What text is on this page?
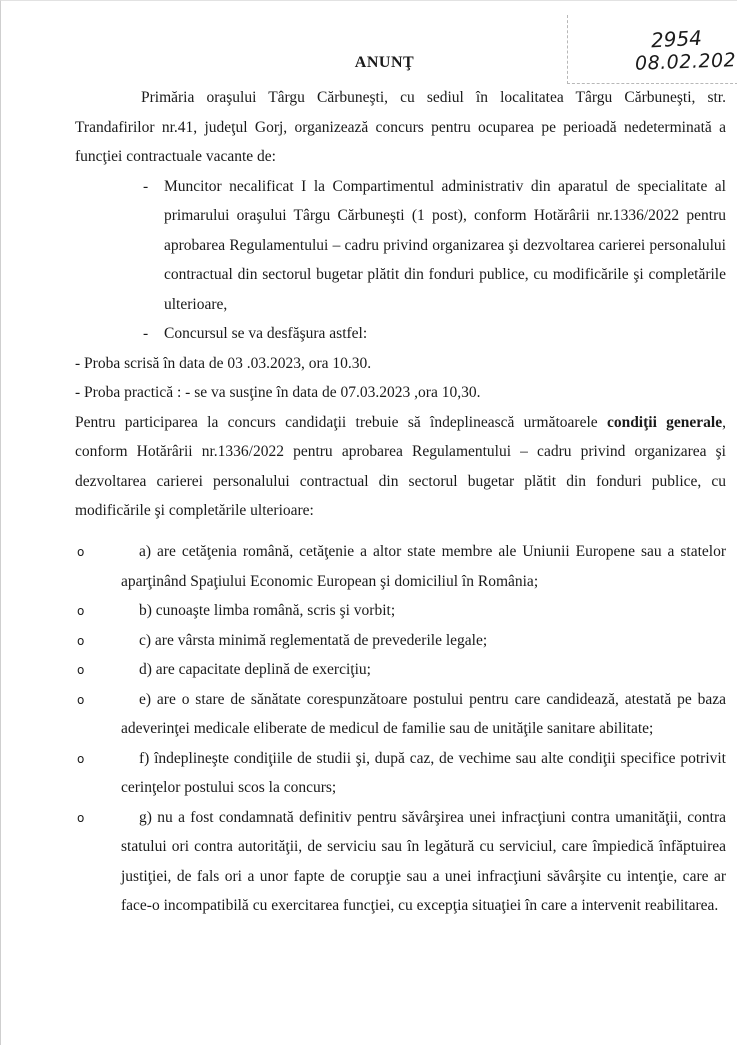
2954
08.02.202
ANUNŢ

Primăria oraşului Târgu Cărbuneşti, cu sediul în localitatea Târgu Cărbuneşti, str. Trandafirilor nr.41, judeţul Gorj, organizează concurs pentru ocuparea pe perioadă nedeterminată a funcţiei contractuale vacante de:

- Muncitor necalificat I la Compartimentul administrativ din aparatul de specialitate al primarului oraşului Târgu Cărbuneşti (1 post), conform Hotărârii nr.1336/2022 pentru aprobarea Regulamentului – cadru privind organizarea şi dezvoltarea carierei personalului contractual din sectorul bugetar plătit din fonduri publice, cu modificările şi completările ulterioare,

- Concursul se va desfăşura astfel:

- Proba scrisă în data de 03 .03.2023, ora 10.30.

- Proba practică : - se va susţine în data de 07.03.2023 ,ora 10,30.

Pentru participarea la concurs candidaţii trebuie să îndeplinească următoarele condiţii generale, conform Hotărârii nr.1336/2022 pentru aprobarea Regulamentului – cadru privind organizarea şi dezvoltarea carierei personalului contractual din sectorul bugetar plătit din fonduri publice, cu modificările şi completările ulterioare:

o	a) are cetăţenia română, cetăţenie a altor state membre ale Uniunii Europene sau a statelor aparţinând Spaţiului Economic European şi domiciliul în România;

o	b) cunoaşte limba română, scris şi vorbit;

o	c) are vârsta minimă reglementată de prevederile legale;

o	d) are capacitate deplină de exerciţiu;

o	e) are o stare de sănătate corespunzătoare postului pentru care candidează, atestată pe baza adeverinţei medicale eliberate de medicul de familie sau de unităţile sanitare abilitate;

o	f) îndeplineşte condiţiile de studii şi, după caz, de vechime sau alte condiţii specifice potrivit cerinţelor postului scos la concurs;

o	g) nu a fost condamnată definitiv pentru săvârşirea unei infracţiuni contra umanităţii, contra statului ori contra autorităţii, de serviciu sau în legătură cu serviciul, care împiedică înfăptuirea justiţiei, de fals ori a unor fapte de corupţie sau a unei infracţiuni săvârşite cu intenţie, care ar face-o incompatibilă cu exercitarea funcţiei, cu excepţia situaţiei în care a intervenit reabilitarea.
